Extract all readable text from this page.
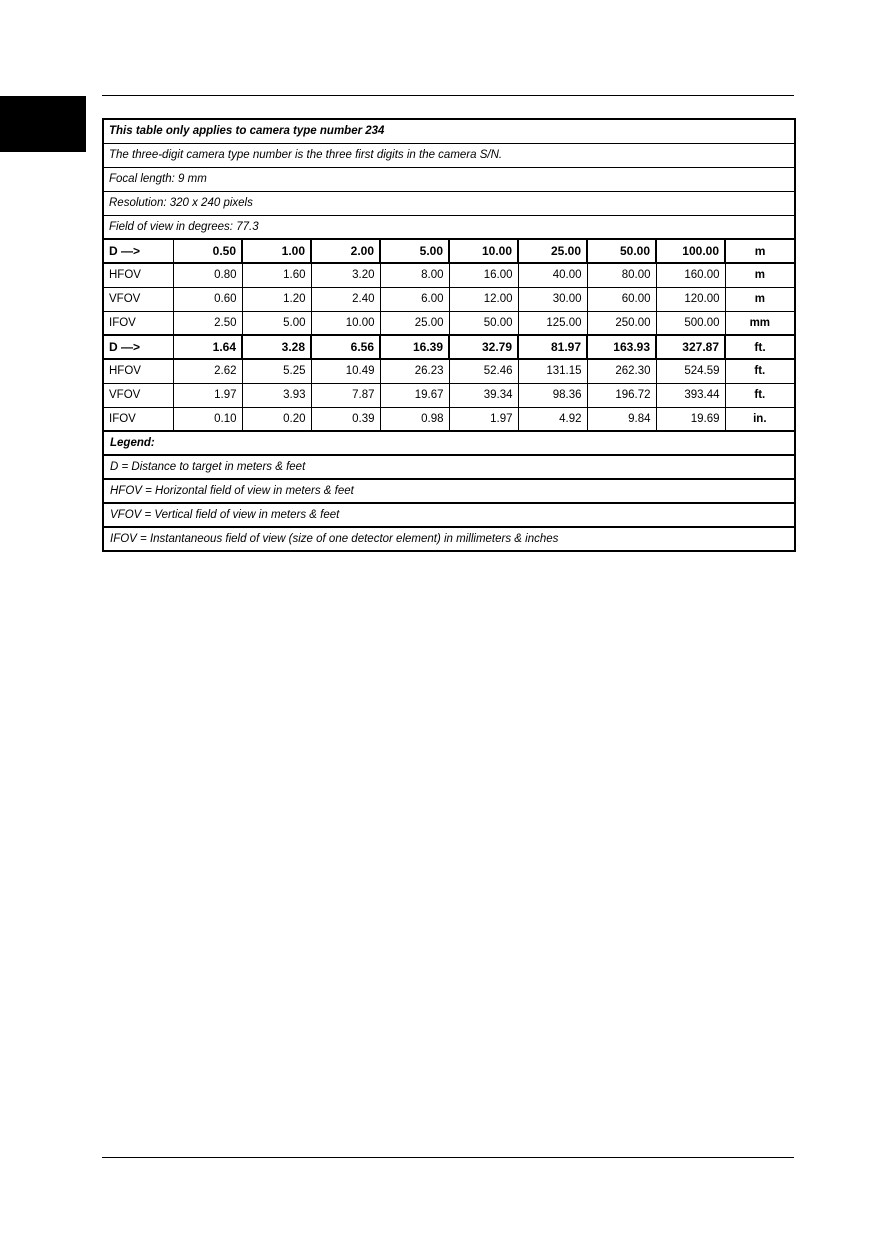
This table only applies to camera type number 234									
The three-digit camera type number is the three first digits in the camera S/N.									
Focal length: 9 mm									
Resolution: 320 x 240 pixels									
Field of view in degrees: 77.3									
D —>	0.50	1.00	2.00	5.00	10.00	25.00	50.00	100.00	m
HFOV	0.80	1.60	3.20	8.00	16.00	40.00	80.00	160.00	m
VFOV	0.60	1.20	2.40	6.00	12.00	30.00	60.00	120.00	m
IFOV	2.50	5.00	10.00	25.00	50.00	125.00	250.00	500.00	mm
D —>	1.64	3.28	6.56	16.39	32.79	81.97	163.93	327.87	ft.
HFOV	2.62	5.25	10.49	26.23	52.46	131.15	262.30	524.59	ft.
VFOV	1.97	3.93	7.87	19.67	39.34	98.36	196.72	393.44	ft.
IFOV	0.10	0.20	0.39	0.98	1.97	4.92	9.84	19.69	in.
Legend:									
D = Distance to target in meters & feet									
HFOV = Horizontal field of view in meters & feet									
VFOV = Vertical field of view in meters & feet									
IFOV = Instantaneous field of view (size of one detector element) in millimeters & inches									
